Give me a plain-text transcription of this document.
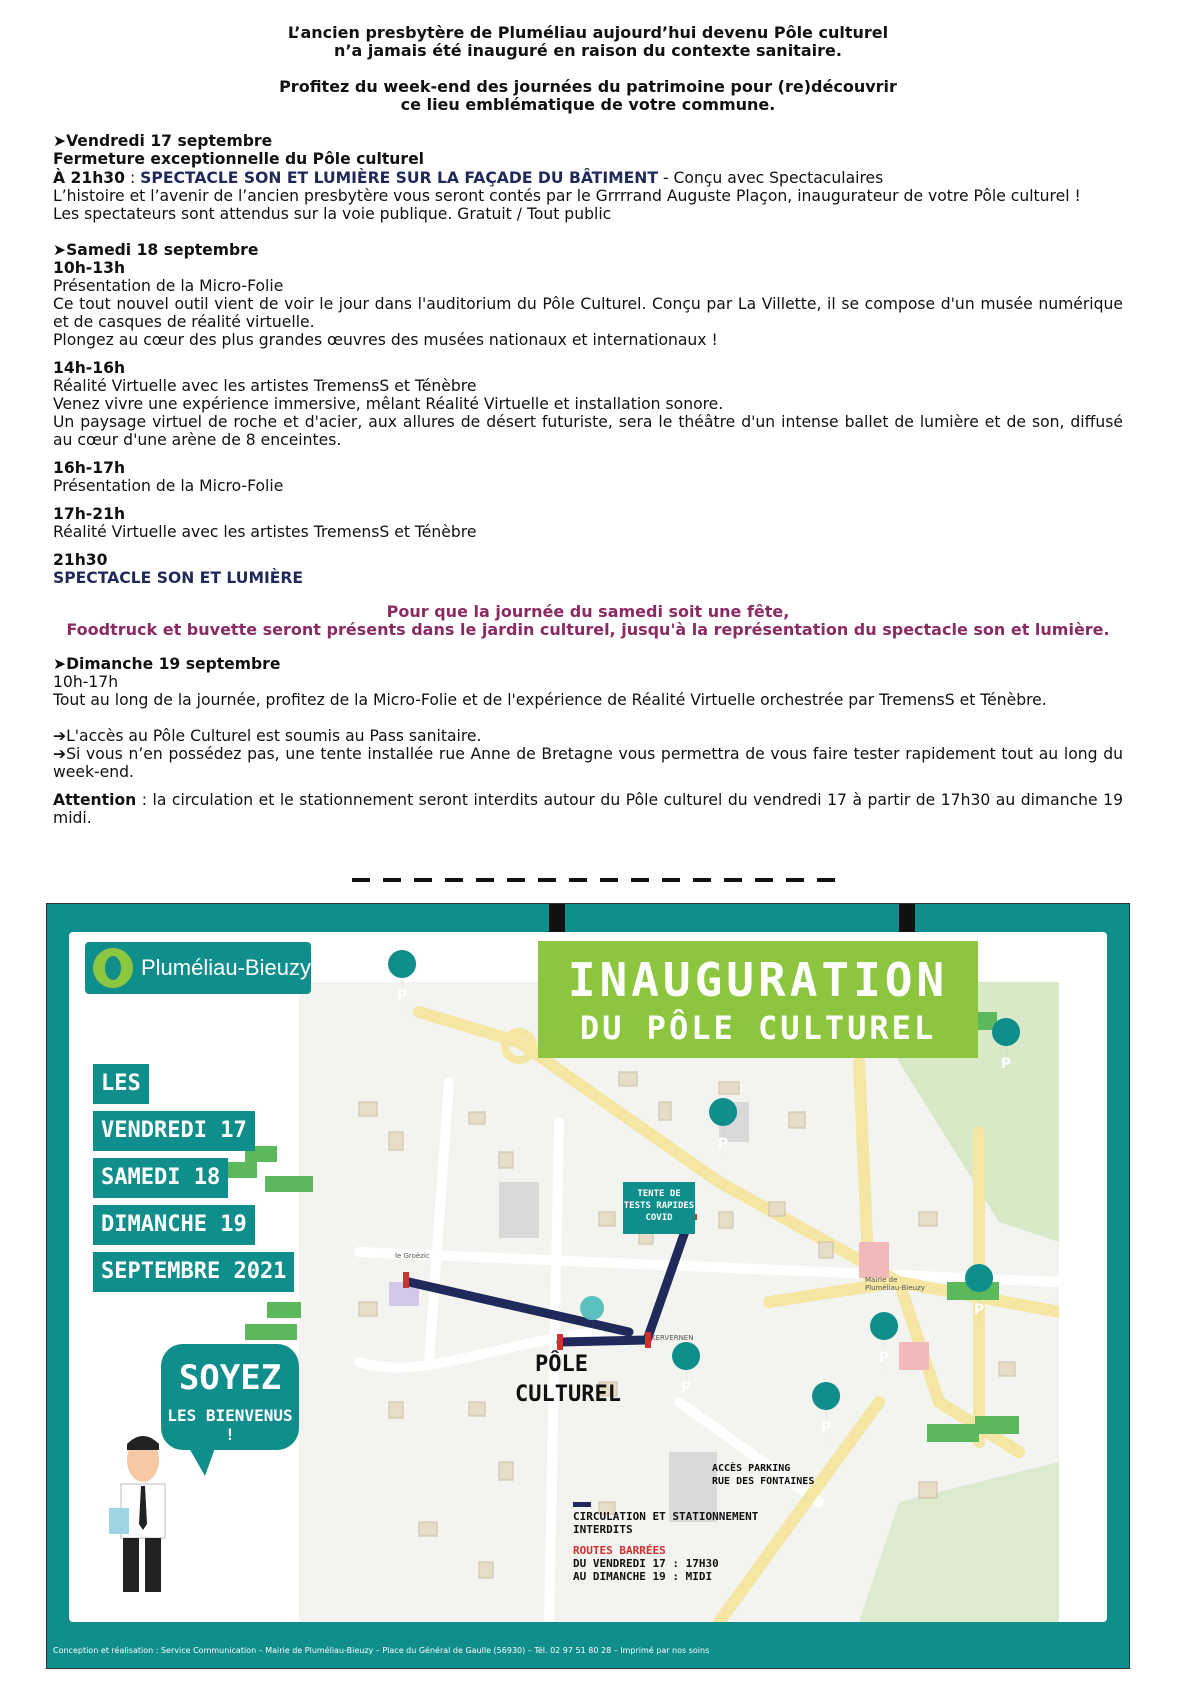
L’ancien presbytère de Pluméliau aujourd’hui devenu Pôle culturel
n’a jamais été inauguré en raison du contexte sanitaire.
Profitez du week-end des journées du patrimoine pour (re)découvrir
ce lieu emblématique de votre commune.
➤Vendredi 17 septembre
Fermeture exceptionnelle du Pôle culturel
À 21h30 : SPECTACLE SON ET LUMIÈRE SUR LA FAÇADE DU BÂTIMENT - Conçu avec Spectaculaires
L’histoire et l’avenir de l’ancien presbytère vous seront contés par le Grrrrand Auguste Plaçon, inaugurateur de votre Pôle culturel !
Les spectateurs sont attendus sur la voie publique. Gratuit / Tout public
➤Samedi 18 septembre
10h-13h
Présentation de la Micro-Folie
Ce tout nouvel outil vient de voir le jour dans l'auditorium du Pôle Culturel. Conçu par La Villette, il se compose d'un musée numérique et de casques de réalité virtuelle.
Plongez au cœur des plus grandes œuvres des musées nationaux et internationaux !
14h-16h
Réalité Virtuelle avec les artistes TremensS et Ténèbre
Venez vivre une expérience immersive, mêlant Réalité Virtuelle et installation sonore.
Un paysage virtuel de roche et d'acier, aux allures de désert futuriste, sera le théâtre d'un intense ballet de lumière et de son, diffusé au cœur d'une arène de 8 enceintes.
16h-17h
Présentation de la Micro-Folie
17h-21h
Réalité Virtuelle avec les artistes TremensS et Ténèbre
21h30
SPECTACLE SON ET LUMIÈRE
Pour que la journée du samedi soit une fête,
Foodtruck et buvette seront présents dans le jardin culturel, jusqu'à la représentation du spectacle son et lumière.
➤Dimanche 19 septembre
10h-17h
Tout au long de la journée, profitez de la Micro-Folie et de l'expérience de Réalité Virtuelle orchestrée par TremensS et Ténèbre.
➔L'accès au Pôle Culturel est soumis au Pass sanitaire.
➔Si vous n’en possédez pas, une tente installée rue Anne de Bretagne vous permettra de vous faire tester rapidement tout au long du week-end.
Attention : la circulation et le stationnement seront interdits autour du Pôle culturel du vendredi 17 à partir de 17h30 au dimanche 19 midi.
le Groëzic
KERVERNEN
Mairie de Pluméliau-Bieuzy
TENTE DE TESTS RAPIDES COVID
PÔLE
CULTUREL
ACCÈS PARKING
RUE DES FONTAINES
CIRCULATION ET STATIONNEMENT
INTERDITS
ROUTES BARRÉES
DU VENDREDI 17 : 17H30
AU DIMANCHE 19 : MIDI
Pluméliau-Bieuzy	INAUGURATION
DU PÔLE CULTUREL
LES
VENDREDI 17
SAMEDI 18
DIMANCHE 19
SEPTEMBRE 2021
SOYEZ
LES BIENVENUS !
Conception et réalisation : Service Communication – Mairie de Pluméliau-Bieuzy – Place du Général de Gaulle (56930) – Tél. 02 97 51 80 28 – Imprimé par nos soins
P
P
P
P
P
P
P
